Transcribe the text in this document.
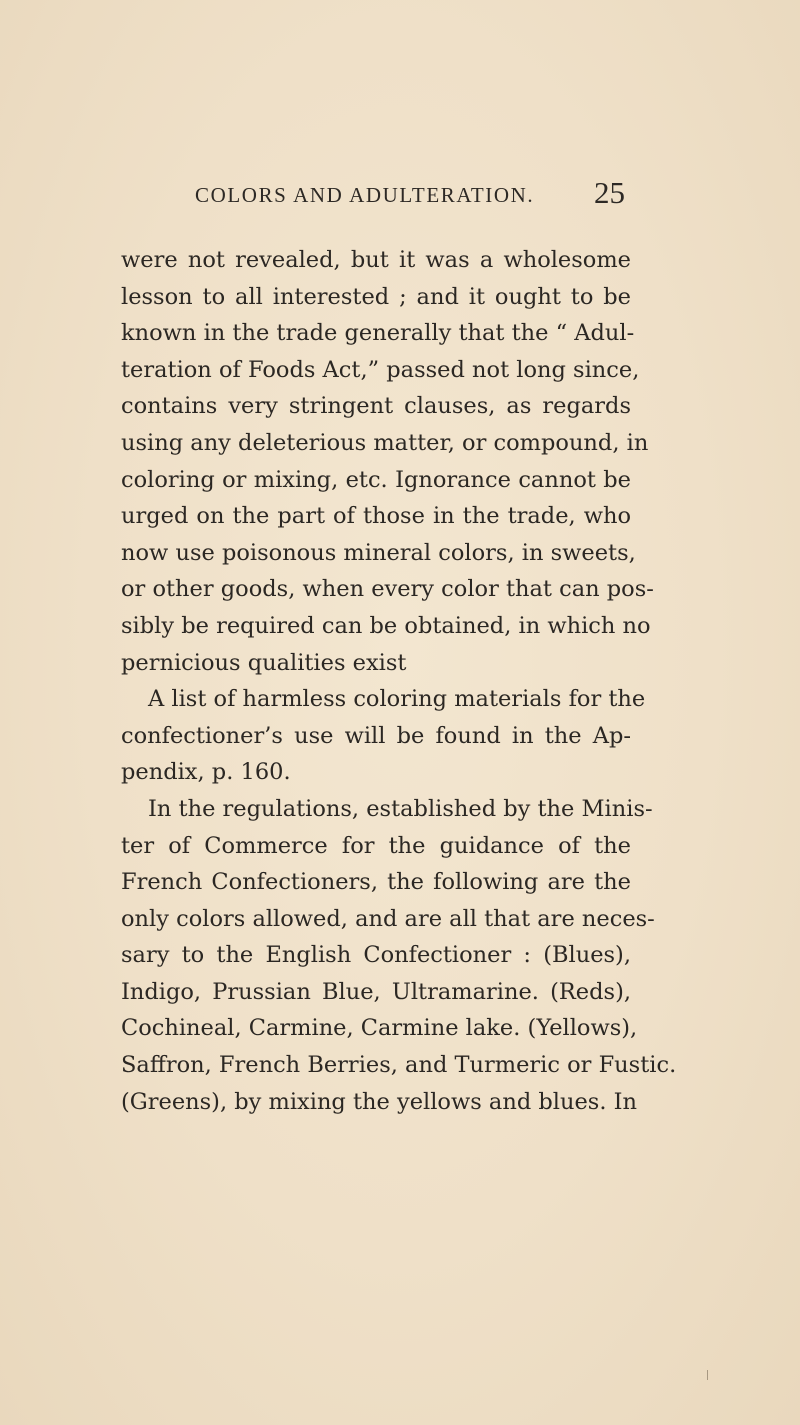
COLORS AND ADULTERATION. 25
were not revealed, but it was a wholesome
lesson to all interested ; and it ought to be
known in the trade generally that the “ Adul-
teration of Foods Act,” passed not long since,
contains very stringent clauses, as regards
using any deleterious matter, or compound, in
coloring or mixing, etc. Ignorance cannot be
urged on the part of those in the trade, who
now use poisonous mineral colors, in sweets,
or other goods, when every color that can pos-
sibly be required can be obtained, in which no
pernicious qualities exist
A list of harmless coloring materials for the
confectioner’s use will be found in the Ap-
pendix, p. 160.
In the regulations, established by the Minis-
ter of Commerce for the guidance of the
French Confectioners, the following are the
only colors allowed, and are all that are neces-
sary to the English Confectioner : (Blues),
Indigo, Prussian Blue, Ultramarine. (Reds),
Cochineal, Carmine, Carmine lake. (Yellows),
Saffron, French Berries, and Turmeric or Fustic.
(Greens), by mixing the yellows and blues. In
